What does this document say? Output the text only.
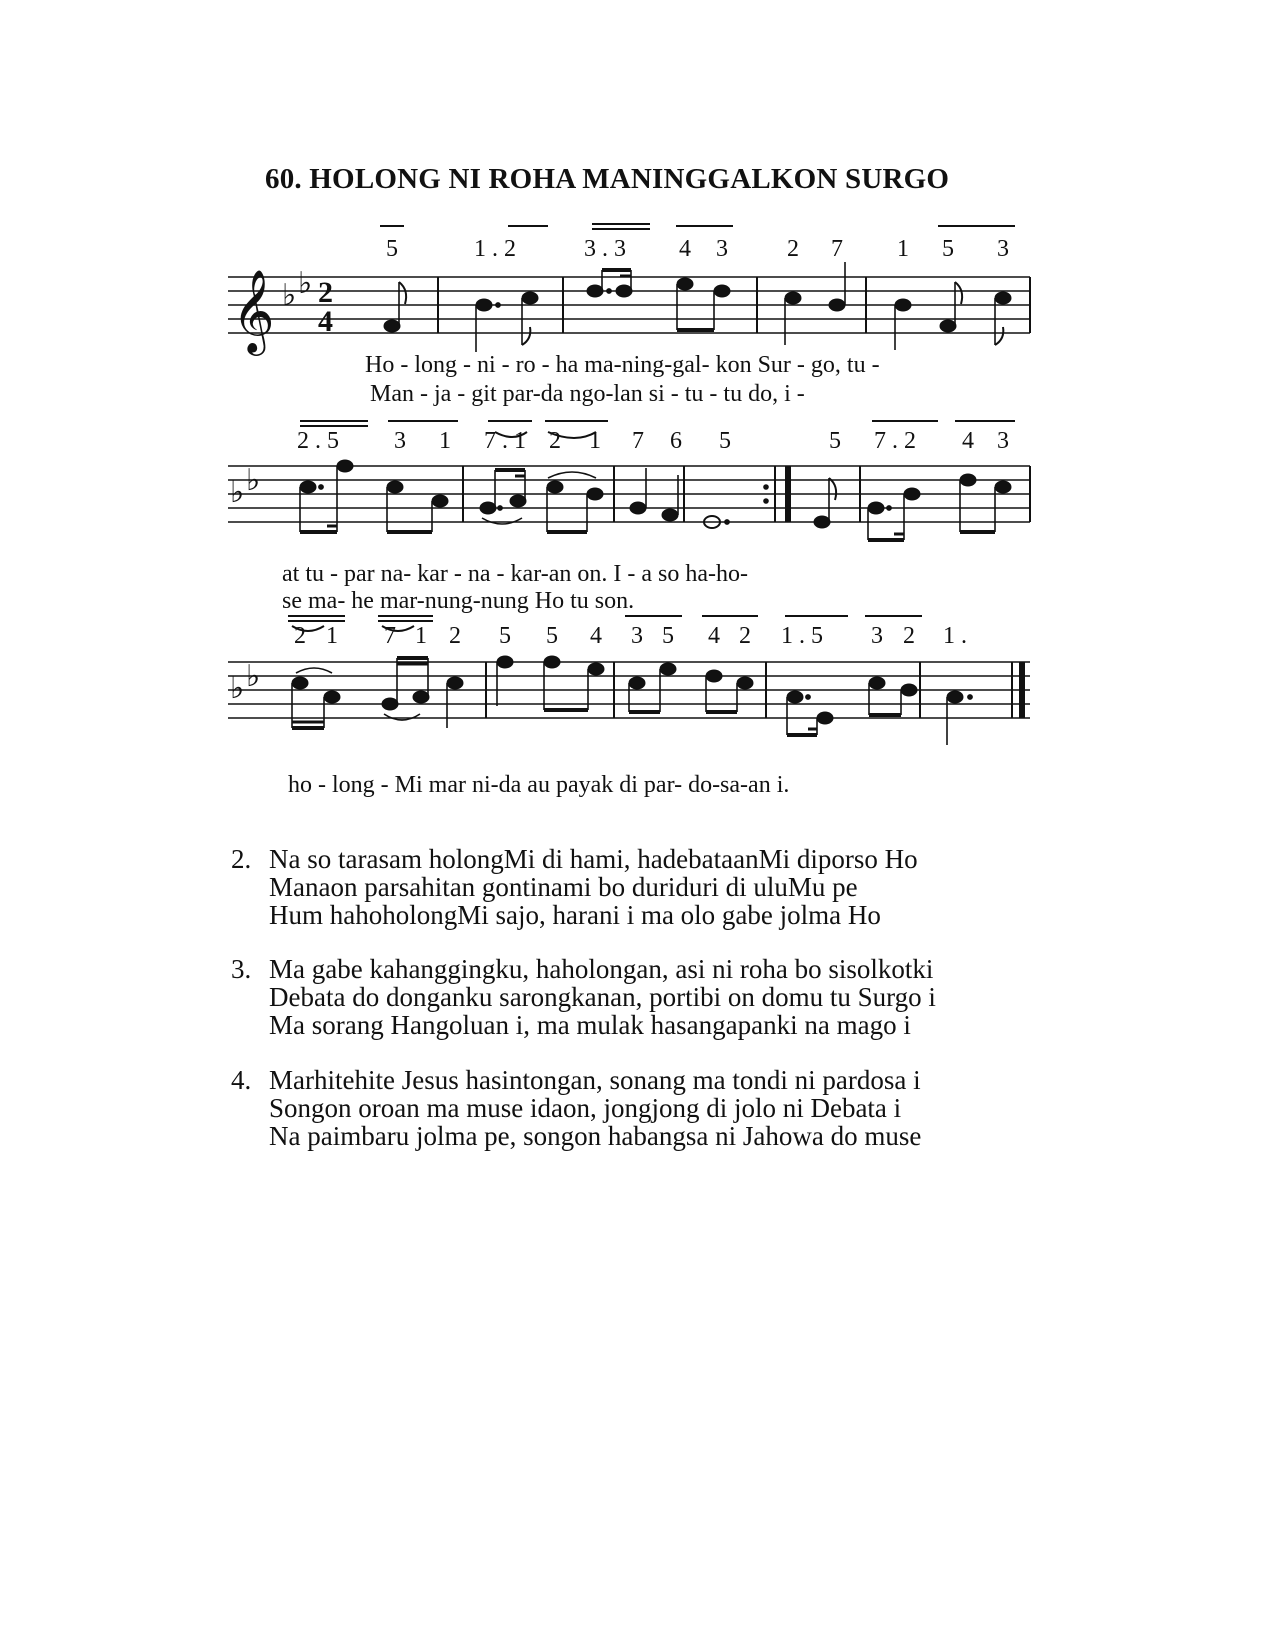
60. HOLONG NI ROHA MANINGGALKON SURGO
5	1 . 2	3 . 3 4 3 2 7 1 5 3
𝄞 ♭ ♭ 2
4
Ho - long - ni - ro - ha ma-ning-gal- kon Sur - go, tu -
Man - ja - git par-da ngo-lan si - tu - tu do, i -
2 . 5 3 1 7 . 1 2 1 7 6 5	5 7 . 2 4 3
♭ ♭
at tu - par na- kar - na - kar-an on. I - a so ha-ho-
se ma- he mar-nung-nung Ho tu son.
2 1 7 1 2 5 5 4 3 5 4 2 1 . 5 3 2 1 .
♭ ♭
ho - long - Mi mar ni-da au payak di par- do-sa-an i.
2. Na so tarasam holongMi di hami, hadebataanMi diporso Ho
Manaon parsahitan gontinami bo duriduri di uluMu pe
Hum hahoholongMi sajo, harani i ma olo gabe jolma Ho
3. Ma gabe kahanggingku, haholongan, asi ni roha bo sisolkotki
Debata do donganku sarongkanan, portibi on domu tu Surgo i
Ma sorang Hangoluan i, ma mulak hasangapanki na mago i
4. Marhitehite Jesus hasintongan, sonang ma tondi ni pardosa i
Songon oroan ma muse idaon, jongjong di jolo ni Debata i
Na paimbaru jolma pe, songon habangsa ni Jahowa do muse
